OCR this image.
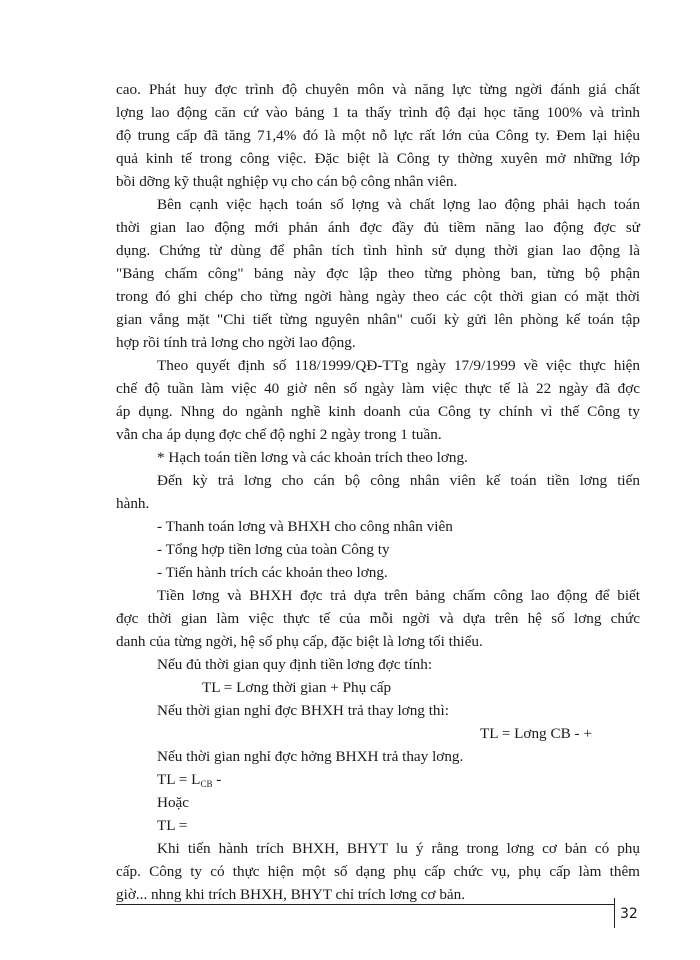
cao. Phát huy đợc trình độ chuyên môn và năng lực từng ngời đánh giá chất
lợng lao động căn cứ vào bảng 1 ta thấy trình độ đại học tăng 100% và trình
độ trung cấp đã tăng 71,4% đó là một nỗ lực rất lớn của Công ty. Đem lại hiệu
quả kinh tế trong công việc. Đặc biệt là Công ty thờng xuyên mở những lớp
bồi dỡng kỹ thuật nghiệp vụ cho cán bộ công nhân viên.
Bên cạnh việc hạch toán số lợng và chất lợng lao động phải hạch toán
thời gian lao động mới phản ánh đợc đầy đủ tiềm năng lao động đợc sử
dụng. Chứng từ dùng để phân tích tình hình sử dụng thời gian lao động là
"Bảng chấm công" bảng này đợc lập theo từng phòng ban, từng bộ phận
trong đó ghi chép cho từng ngời hàng ngày theo các cột thời gian có mặt thời
gian vắng mặt "Chi tiết từng nguyên nhân" cuối kỳ gửi lên phòng kế toán tập
hợp rồi tính trả lơng cho ngời lao động.
Theo quyết định số 118/1999/QĐ-TTg ngày 17/9/1999 về việc thực hiện
chế độ tuần làm việc 40 giờ nên số ngày làm việc thực tế là 22 ngày đã đợc
áp dụng. Nhng do ngành nghề kinh doanh của Công ty chính vì thế Công ty
vẫn cha áp dụng đợc chế độ nghỉ 2 ngày trong 1 tuần.
* Hạch toán tiền lơng và các khoản trích theo lơng.
Đến kỳ trả lơng cho cán bộ công nhân viên kế toán tiền lơng tiến
hành.
- Thanh toán lơng và BHXH cho công nhân viên
- Tổng hợp tiền lơng của toàn Công ty
- Tiến hành trích các khoản theo lơng.
Tiền lơng và BHXH đợc trả dựa trên bảng chấm công lao động để biết
đợc thời gian làm việc thực tế của mỗi ngời và dựa trên hệ số lơng chức
danh của từng ngời, hệ số phụ cấp, đặc biệt là lơng tối thiểu.
Nếu đủ thời gian quy định tiền lơng đợc tính:
TL = Lơng thời gian + Phụ cấp
Nếu thời gian nghỉ đợc BHXH trả thay lơng thì:
TL = Lơng CB - +
Nếu thời gian nghỉ đợc hởng BHXH trả thay lơng.
TL = $L_{CB}$ -
Hoặc
TL =
Khi tiến hành trích BHXH, BHYT lu ý rằng trong lơng cơ bản có phụ
cấp. Công ty có thực hiện một số dạng phụ cấp chức vụ, phụ cấp làm thêm
giờ... nhng khi trích BHXH, BHYT chỉ trích lơng cơ bản.
32
